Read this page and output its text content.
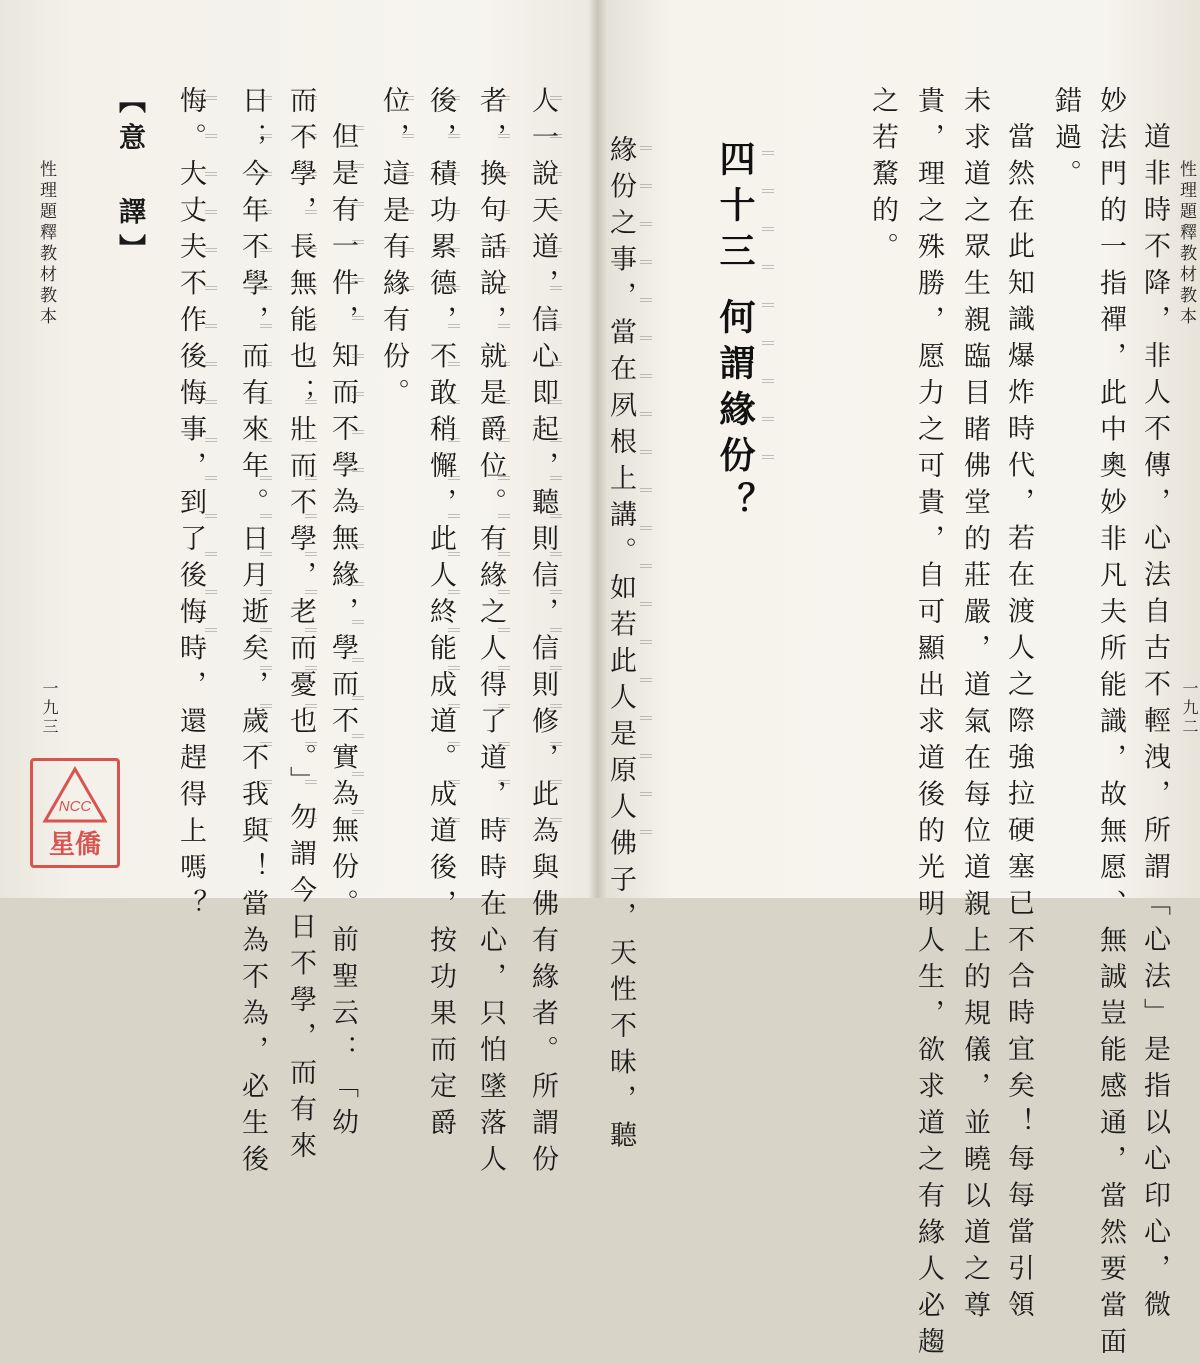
性理題釋教材教本
一九三
【意　譯】 悔。大丈夫不作後悔事，到了後悔時，還趕得上嗎？ 日；今年不學，而有來年。日月逝矣，歲不我與！當為不為，必生後 而不學，長無能也；壯而不學，老而憂也。」勿謂今日不學，而有來 但是有一件，知而不學為無緣，學而不實為無份。前聖云：「幼 位，這是有緣有份。 後，積功累德，不敢稍懈，此人終能成道。成道後，按功果而定爵 者，換句話說，就是爵位。有緣之人得了道，時時在心，只怕墜落人 人一說天道，信心即起，聽則信，信則修，此為與佛有緣者。所謂份
NCC
星僑	緣份之事，當在夙根上講。如若此人是原人佛子，天性不昧，聽 四十三
何謂緣份？
之若騖的。 貴，理之殊勝，愿力之可貴，自可顯出求道後的光明人生，欲求道之有緣人必趨 未求道之眾生親臨目睹佛堂的莊嚴，道氣在每位道親上的規儀，並曉以道之尊 當然在此知識爆炸時代，若在渡人之際強拉硬塞已不合時宜矣！每每當引領 錯過。 妙法門的一指禪，此中奧妙非凡夫所能識，故無愿、無誠豈能感通，當然要當面 道非時不降，非人不傳，心法自古不輕洩，所謂「心法」是指以心印心，微 性理題釋教材教本
一九二
